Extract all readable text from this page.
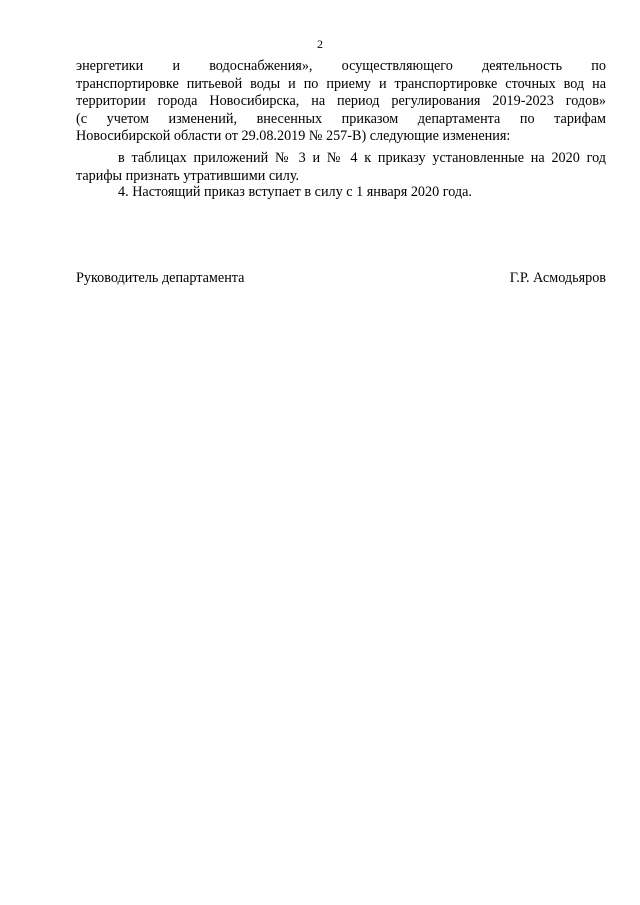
2
энергетики и водоснабжения», осуществляющего деятельность по
транспортировке питьевой воды и по приему и транспортировке сточных вод на
территории города Новосибирска, на период регулирования 2019-2023 годов»
(с учетом изменений, внесенных приказом департамента по тарифам
Новосибирской области от 29.08.2019 № 257-В) следующие изменения:
в таблицах приложений № 3 и № 4 к приказу установленные на 2020 год
тарифы признать утратившими силу.
4. Настоящий приказ вступает в силу с 1 января 2020 года.
Руководитель департамента	Г.Р. Асмодьяров
